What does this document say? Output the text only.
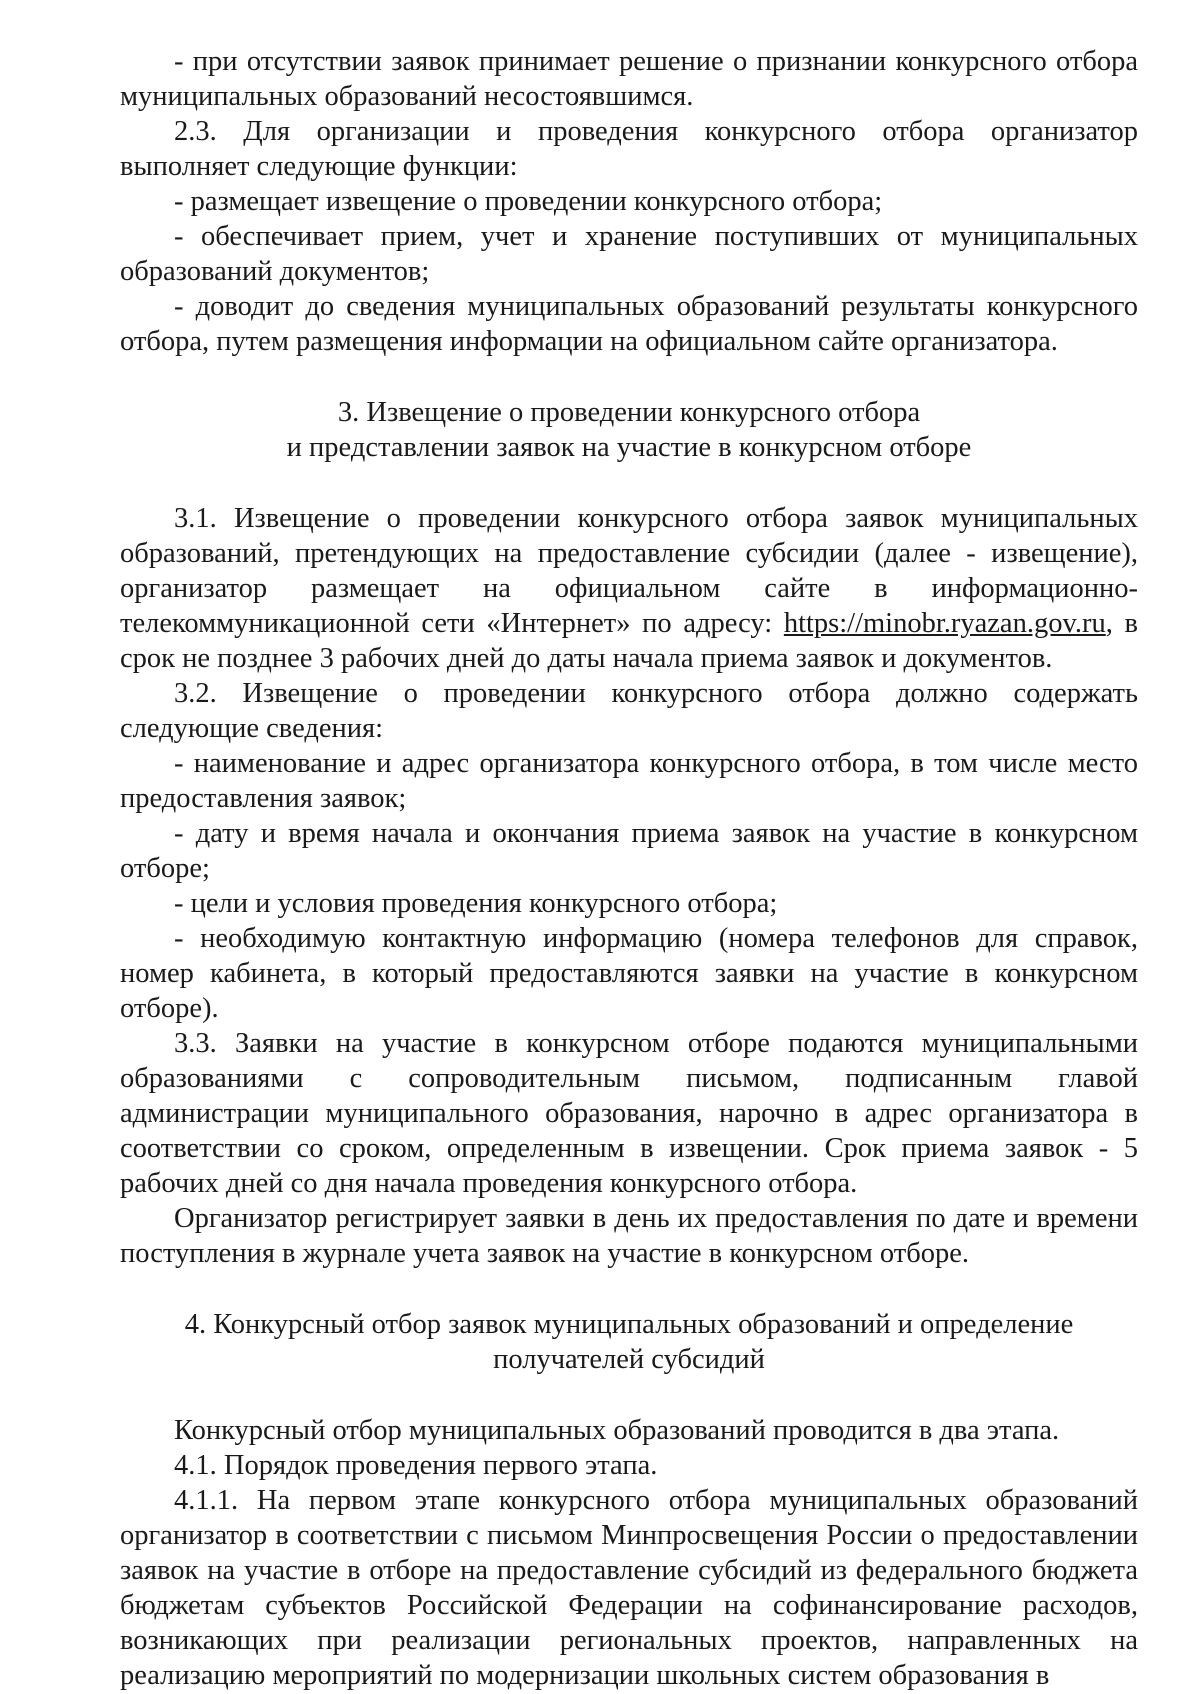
- при отсутствии заявок принимает решение о признании конкурсного отбора муниципальных образований несостоявшимся.

2.3. Для организации и проведения конкурсного отбора организатор выполняет следующие функции:

- размещает извещение о проведении конкурсного отбора;

- обеспечивает прием, учет и хранение поступивших от муниципальных образований документов;

- доводит до сведения муниципальных образований результаты конкурсного отбора, путем размещения информации на официальном сайте организатора.

3. Извещение о проведении конкурсного отбора
и представлении заявок на участие в конкурсном отборе

3.1. Извещение о проведении конкурсного отбора заявок муниципальных образований, претендующих на предоставление субсидии (далее - извещение), организатор размещает на официальном сайте в информационно-телекоммуникационной сети «Интернет» по адресу: https://minobr.ryazan.gov.ru, в срок не позднее 3 рабочих дней до даты начала приема заявок и документов.

3.2. Извещение о проведении конкурсного отбора должно содержать следующие сведения:

- наименование и адрес организатора конкурсного отбора, в том числе место предоставления заявок;

- дату и время начала и окончания приема заявок на участие в конкурсном отборе;

- цели и условия проведения конкурсного отбора;

- необходимую контактную информацию (номера телефонов для справок, номер кабинета, в который предоставляются заявки на участие в конкурсном отборе).

3.3. Заявки на участие в конкурсном отборе подаются муниципальными образованиями с сопроводительным письмом, подписанным главой администрации муниципального образования, нарочно в адрес организатора в соответствии со сроком, определенным в извещении. Срок приема заявок - 5 рабочих дней со дня начала проведения конкурсного отбора.

Организатор регистрирует заявки в день их предоставления по дате и времени поступления в журнале учета заявок на участие в конкурсном отборе.

4. Конкурсный отбор заявок муниципальных образований и определение
получателей субсидий

Конкурсный отбор муниципальных образований проводится в два этапа.

4.1. Порядок проведения первого этапа.

4.1.1. На первом этапе конкурсного отбора муниципальных образований организатор в соответствии с письмом Минпросвещения России о предоставлении заявок на участие в отборе на предоставление субсидий из федерального бюджета бюджетам субъектов Российской Федерации на софинансирование расходов, возникающих при реализации региональных проектов, направленных на реализацию мероприятий по модернизации школьных систем образования в
